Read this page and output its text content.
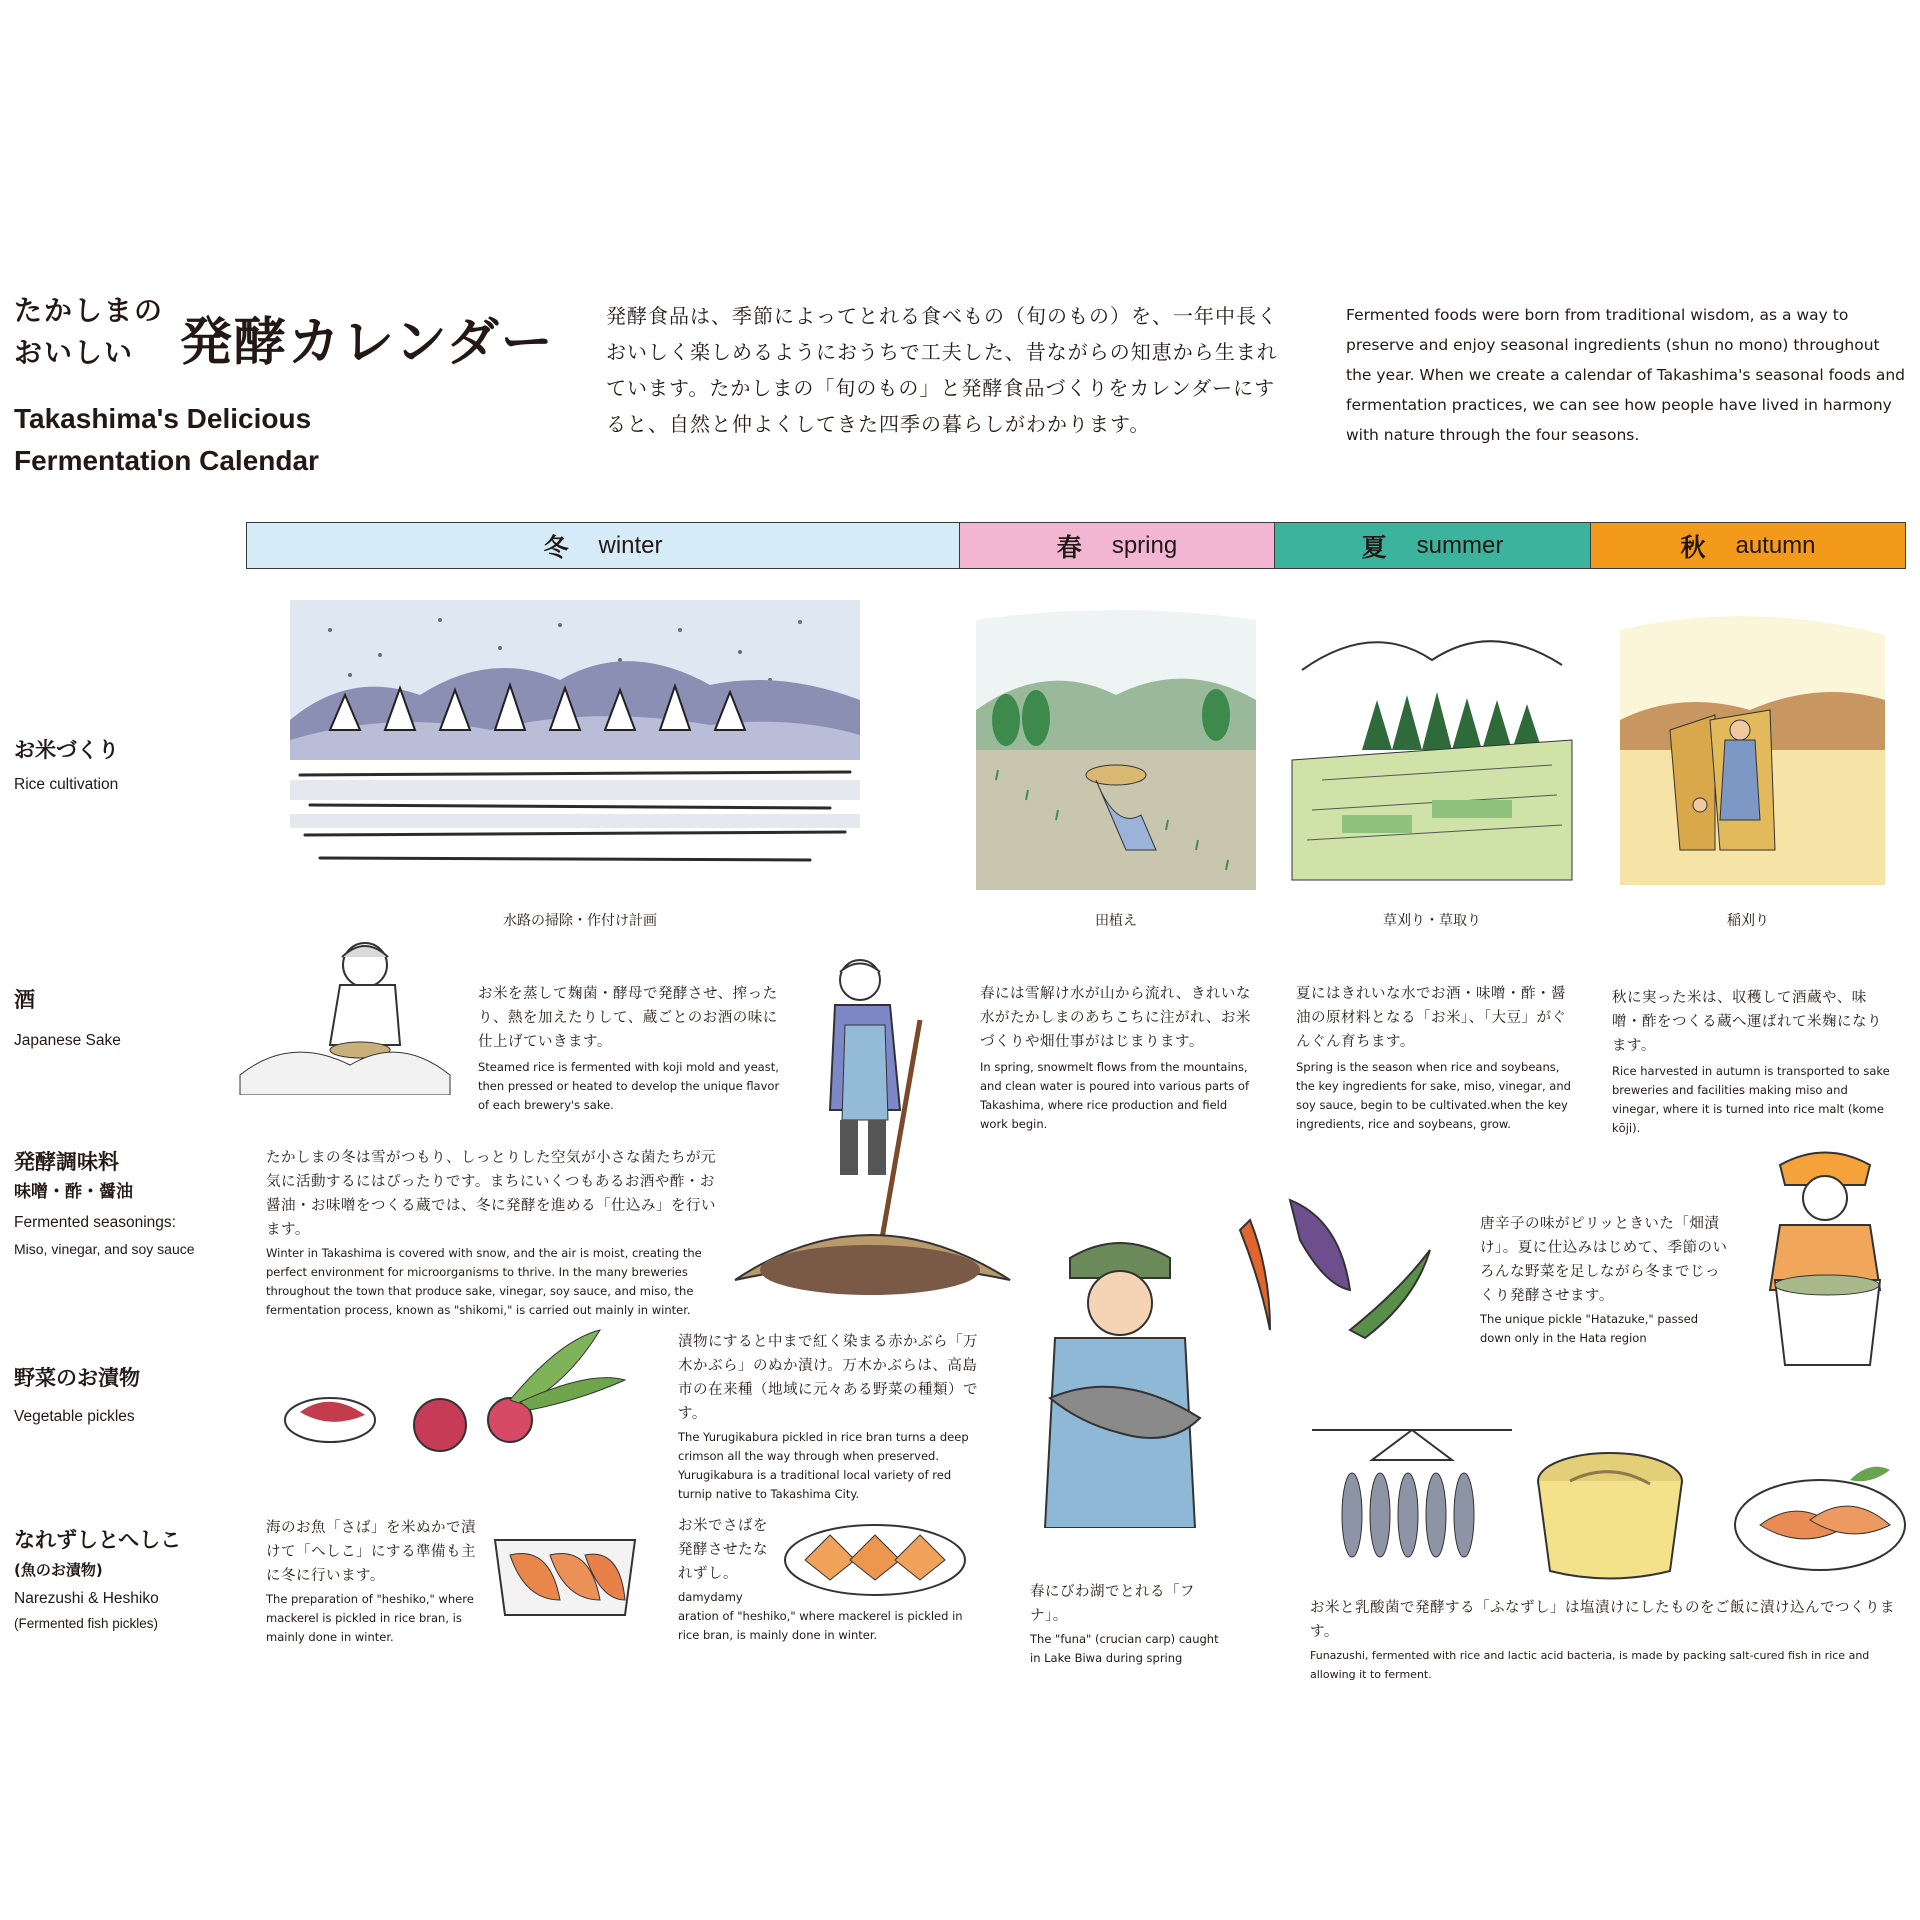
たかしまの
おいしい 発酵カレンダー
Takashima's Delicious Fermentation Calendar
発酵食品は、季節によってとれる食べもの（旬のもの）を、一年中長くおいしく楽しめるようにおうちで工夫した、昔ながらの知恵から生まれています。たかしまの「旬のもの」と発酵食品づくりをカレンダーにすると、自然と仲よくしてきた四季の暮らしがわかります。
Fermented foods were born from traditional wisdom, as a way to preserve and enjoy seasonal ingredients (shun no mono) throughout the year. When we create a calendar of Takashima's seasonal foods and fermentation practices, we can see how people have lived in harmony with nature through the four seasons.
冬 winter	春 spring	夏 summer	秋 autumn
お米づくり
Rice cultivation
酒
Japanese Sake
発酵調味料
味噌・酢・醤油
Fermented seasonings:
Miso, vinegar, and soy sauce
野菜のお漬物
Vegetable pickles
なれずしとへしこ
(魚のお漬物)
Narezushi & Heshiko
(Fermented fish pickles)
水路の掃除・作付け計画	田植え	草刈り・草取り	稲刈り
お米を蒸して麹菌・酵母で発酵させ、搾ったり、熱を加えたりして、蔵ごとのお酒の味に仕上げていきます。
Steamed rice is fermented with koji mold and yeast, then pressed or heated to develop the unique flavor of each brewery's sake.
春には雪解け水が山から流れ、きれいな水がたかしまのあちこちに注がれ、お米づくりや畑仕事がはじまります。
In spring, snowmelt flows from the mountains, and clean water is poured into various parts of Takashima, where rice production and field work begin.
夏にはきれいな水でお酒・味噌・酢・醤油の原材料となる「お米」、「大豆」がぐんぐん育ちます。
Spring is the season when rice and soybeans, the key ingredients for sake, miso, vinegar, and soy sauce, begin to be cultivated.when the key ingredients, rice and soybeans, grow.
秋に実った米は、収穫して酒蔵や、味噌・酢をつくる蔵へ運ばれて米麹になります。
Rice harvested in autumn is transported to sake breweries and facilities making miso and vinegar, where it is turned into rice malt (kome kōji).
たかしまの冬は雪がつもり、しっとりした空気が小さな菌たちが元気に活動するにはぴったりです。まちにいくつもあるお酒や酢・お醤油・お味噌をつくる蔵では、冬に発酵を進める「仕込み」を行います。
Winter in Takashima is covered with snow, and the air is moist, creating the perfect environment for microorganisms to thrive. In the many breweries throughout the town that produce sake, vinegar, soy sauce, and miso, the fermentation process, known as "shikomi," is carried out mainly in winter.
唐辛子の味がピリッときいた「畑漬け」。夏に仕込みはじめて、季節のいろんな野菜を足しながら冬までじっくり発酵させます。
The unique pickle "Hatazuke," passed down only in the Hata region
漬物にすると中まで紅く染まる赤かぶら「万木かぶら」のぬか漬け。万木かぶらは、高島市の在来種（地域に元々ある野菜の種類）です。
The Yurugikabura pickled in rice bran turns a deep crimson all the way through when preserved. Yurugikabura is a traditional local variety of red turnip native to Takashima City.
海のお魚「さば」を米ぬかで漬けて「へしこ」にする準備も主に冬に行います。
The preparation of "heshiko," where mackerel is pickled in rice bran, is mainly done in winter.
お米でさばを発酵させたなれずし。
damydamy
aration of "heshiko," where mackerel is pickled in rice bran, is mainly done in winter.
春にびわ湖でとれる「フナ」。
The "funa" (crucian carp) caught in Lake Biwa during spring
お米と乳酸菌で発酵する「ふなずし」は塩漬けにしたものをご飯に漬け込んでつくります。
Funazushi, fermented with rice and lactic acid bacteria, is made by packing salt-cured fish in rice and allowing it to ferment.
